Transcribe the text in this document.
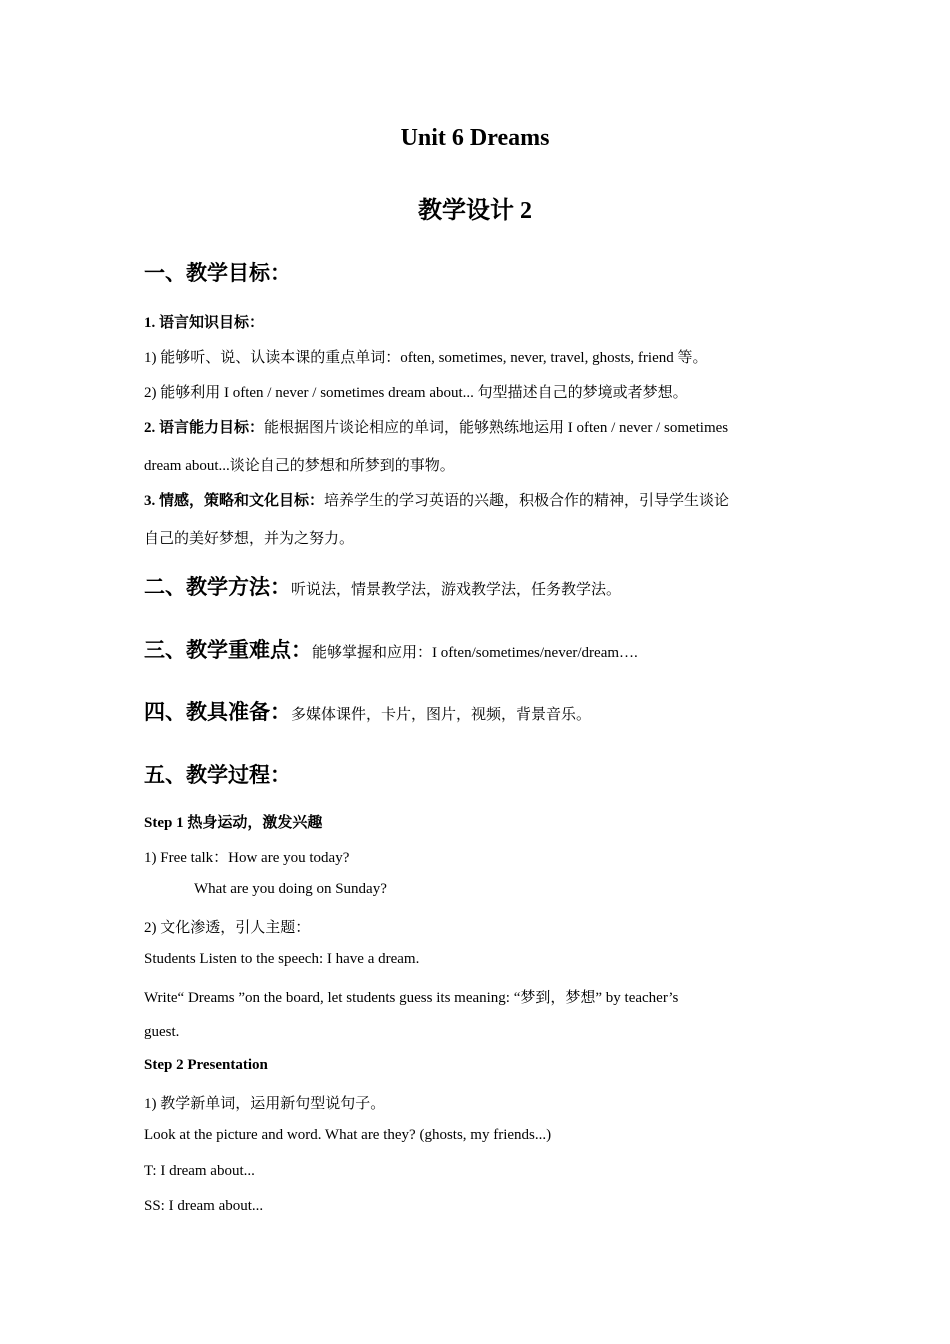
Unit 6 Dreams
教学设计 2
一、教学目标：
1. 语言知识目标：
1) 能够听、说、认读本课的重点单词：often, sometimes, never, travel, ghosts, friend 等。
2) 能够利用 I often / never / sometimes dream about... 句型描述自己的梦境或者梦想。
2. 语言能力目标：能根据图片谈论相应的单词，能够熟练地运用 I often / never / sometimes
dream about...谈论自己的梦想和所梦到的事物。
3. 情感，策略和文化目标：培养学生的学习英语的兴趣，积极合作的精神，引导学生谈论
自己的美好梦想，并为之努力。
二、教学方法：听说法，情景教学法，游戏教学法，任务教学法。
三、教学重难点：能够掌握和应用：I often/sometimes/never/dream….
四、教具准备：多媒体课件，卡片，图片，视频，背景音乐。
五、教学过程：
Step 1 热身运动，激发兴趣
1) Free talk：How are you today?
What are you doing on Sunday?
2) 文化渗透，引人主题：
Students Listen to the speech: I have a dream.
Write“ Dreams ”on the board, let students guess its meaning: “梦到，梦想” by teacher’s
guest.
Step 2 Presentation
1) 教学新单词，运用新句型说句子。
Look at the picture and word. What are they? (ghosts, my friends...)
T: I dream about...
SS: I dream about...
